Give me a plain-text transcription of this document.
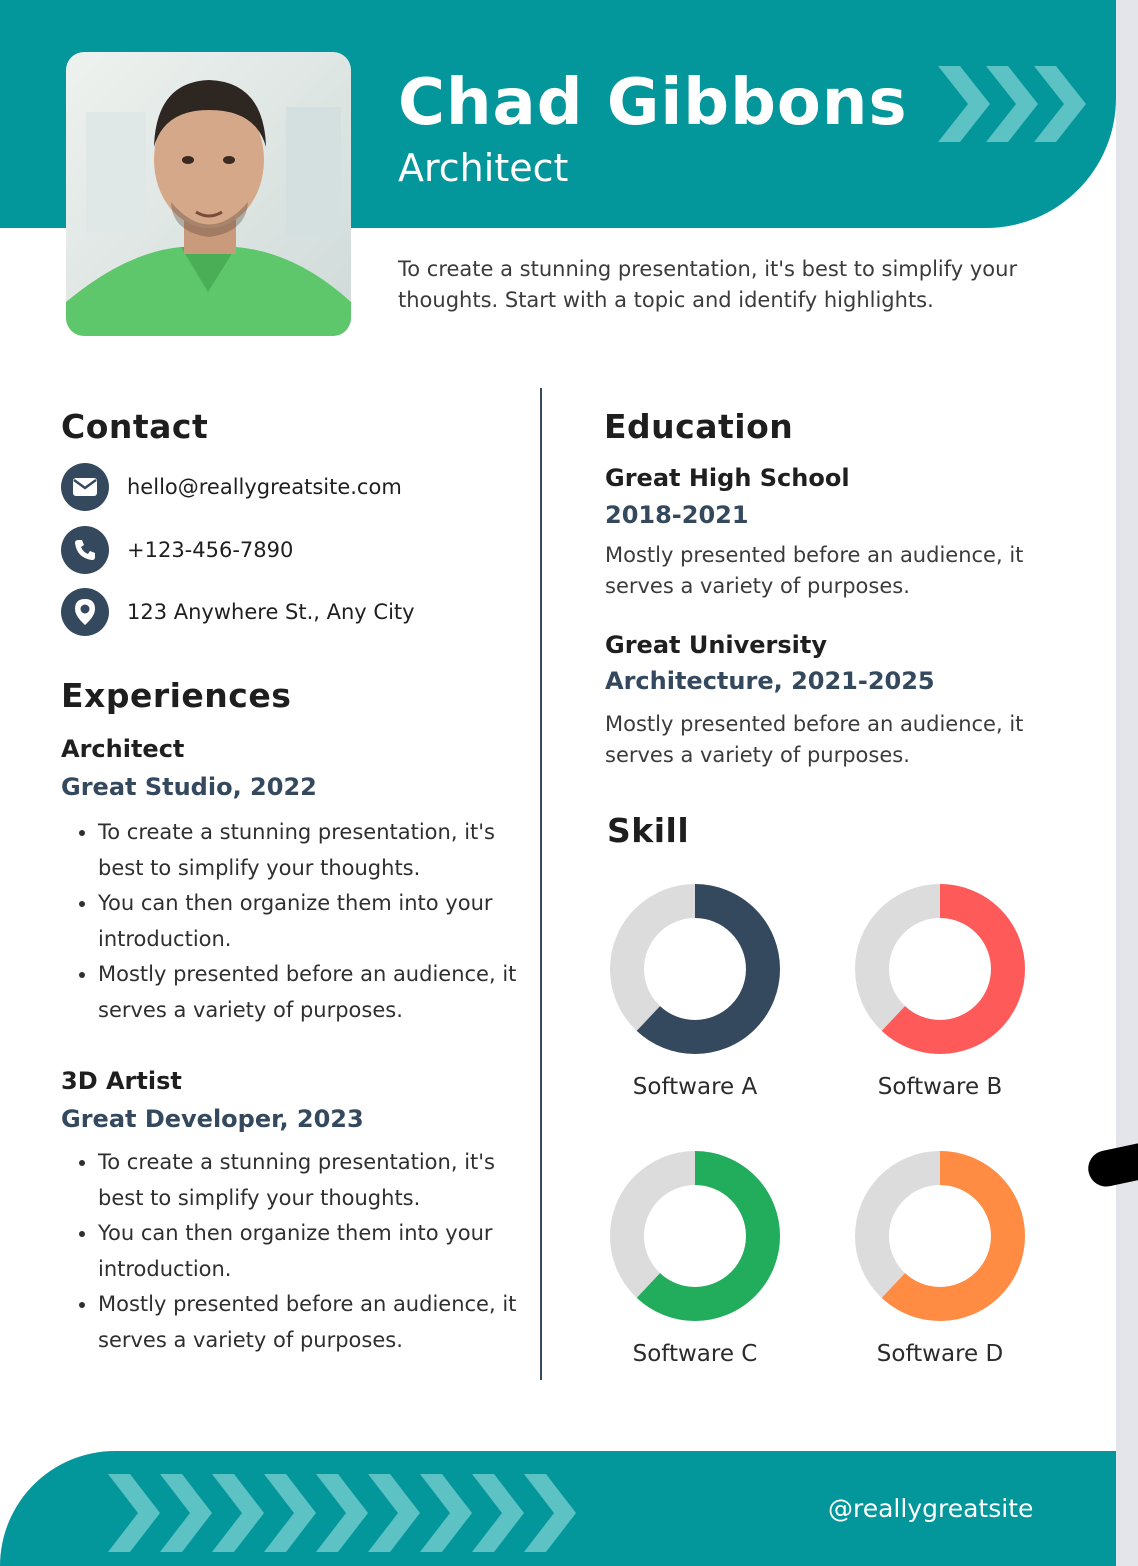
Chad Gibbons
Architect
To create a stunning presentation, it's best to simplify your thoughts. Start with a topic and identify highlights.
Contact
hello@reallygreatsite.com
+123-456-7890
123 Anywhere St., Any City
Experiences
Architect
Great Studio, 2022
• To create a stunning presentation, it's best to simplify your thoughts.
• You can then organize them into your introduction.
• Mostly presented before an audience, it serves a variety of purposes.
3D Artist
Great Developer, 2023
• To create a stunning presentation, it's best to simplify your thoughts.
• You can then organize them into your introduction.
• Mostly presented before an audience, it serves a variety of purposes.
Education
Great High School
2018-2021
Mostly presented before an audience, it serves a variety of purposes.
Great University
Architecture, 2021-2025
Mostly presented before an audience, it serves a variety of purposes.
Skill
Software A	Software B
Software C	Software D
@reallygreatsite
